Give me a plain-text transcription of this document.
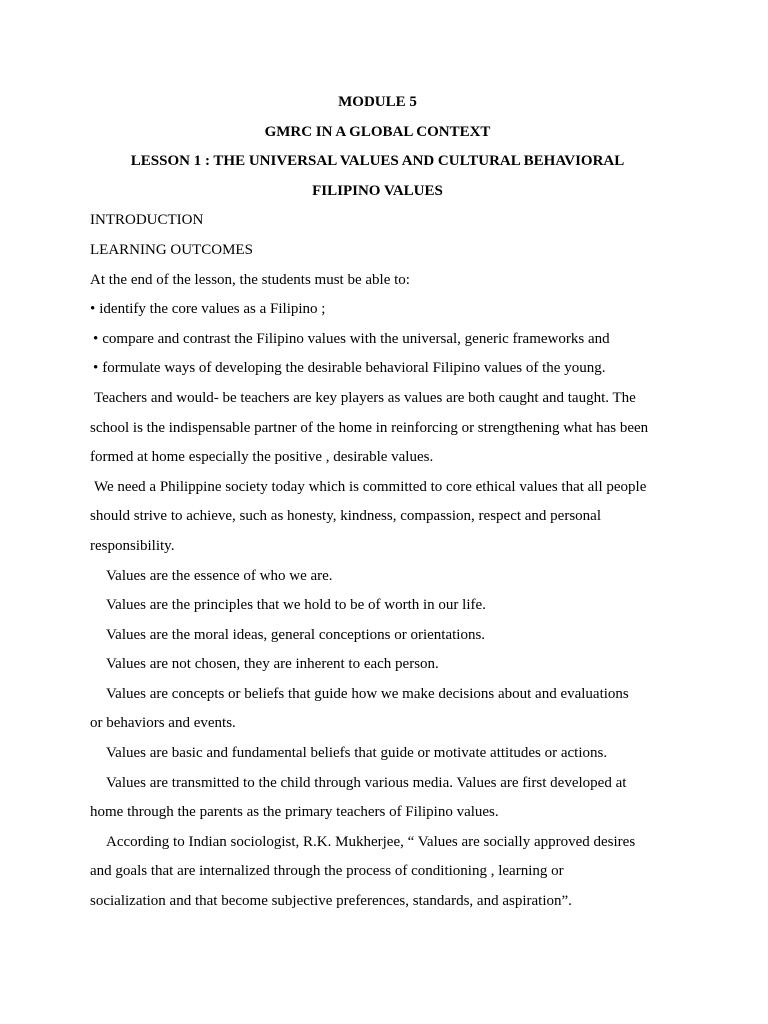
MODULE 5
GMRC IN A GLOBAL CONTEXT
LESSON 1 : THE UNIVERSAL VALUES AND CULTURAL BEHAVIORAL
FILIPINO VALUES
INTRODUCTION
LEARNING OUTCOMES
At the end of the lesson, the students must be able to:
• identify the core values as a Filipino ;
• compare and contrast the Filipino values with the universal, generic frameworks and
• formulate ways of developing the desirable behavioral Filipino values of the young.
Teachers and would- be teachers are key players as values are both caught and taught. The
school is the indispensable partner of the home in reinforcing or strengthening what has been
formed at home especially the positive , desirable values.
We need a Philippine society today which is committed to core ethical values that all people
should strive to achieve, such as honesty, kindness, compassion, respect and personal
responsibility.
Values are the essence of who we are.
Values are the principles that we hold to be of worth in our life.
Values are the moral ideas, general conceptions or orientations.
Values are not chosen, they are inherent to each person.
Values are concepts or beliefs that guide how we make decisions about and evaluations
or behaviors and events.
Values are basic and fundamental beliefs that guide or motivate attitudes or actions.
Values are transmitted to the child through various media. Values are first developed at
home through the parents as the primary teachers of Filipino values.
According to Indian sociologist, R.K. Mukherjee, “ Values are socially approved desires
and goals that are internalized through the process of conditioning , learning or
socialization and that become subjective preferences, standards, and aspiration”.
